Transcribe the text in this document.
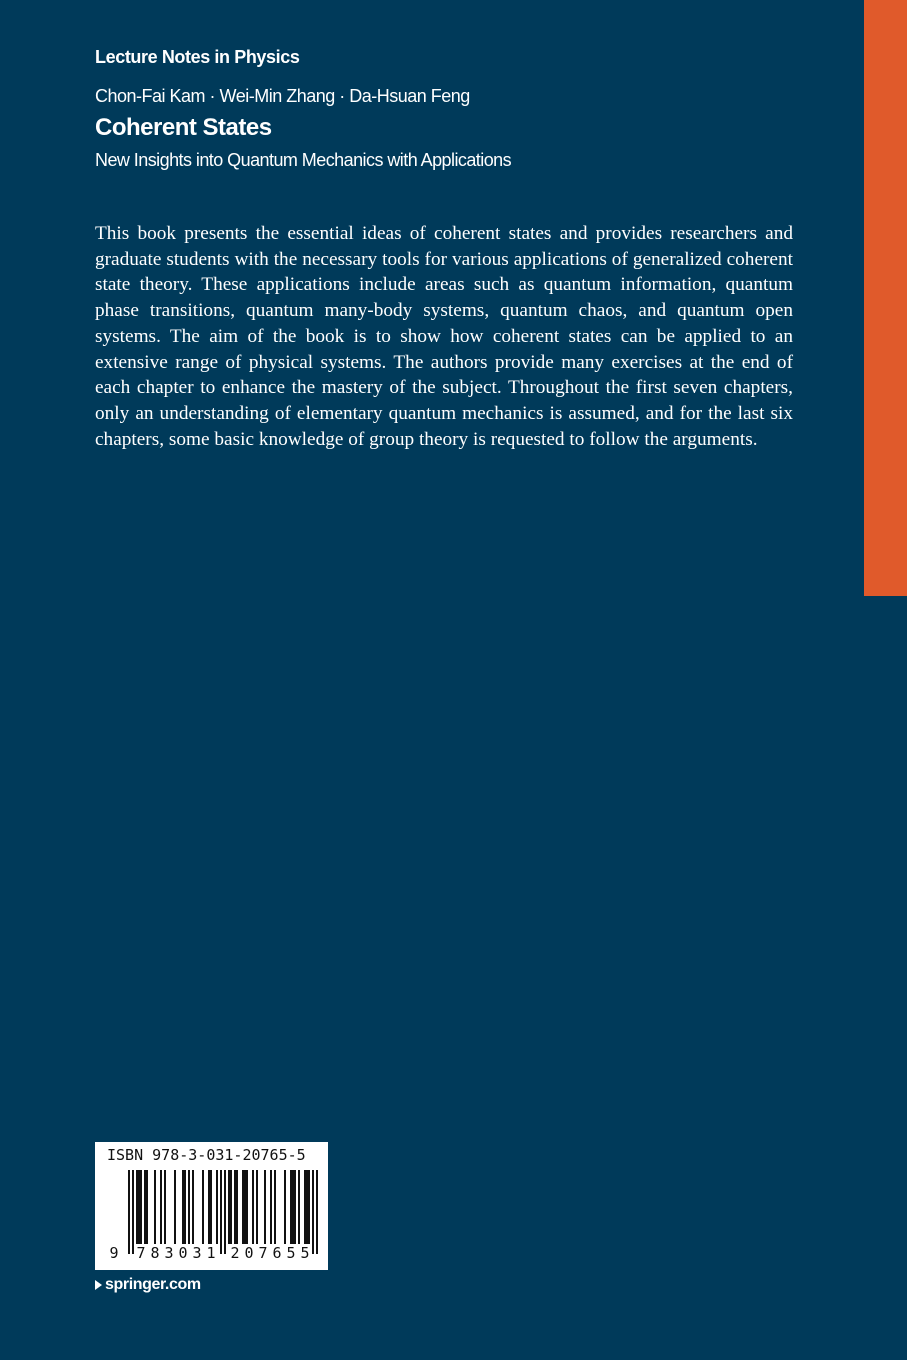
Lecture Notes in Physics
Chon-Fai Kam · Wei-Min Zhang · Da-Hsuan Feng
Coherent States
New Insights into Quantum Mechanics with Applications

This book presents the essential ideas of coherent states and provides researchers and graduate students with the necessary tools for various applications of generalized coherent state theory. These applications include areas such as quantum information, quantum phase transitions, quantum many-body systems, quantum chaos, and quantum open systems. The aim of the book is to show how coherent states can be applied to an extensive range of physical systems. The authors provide many exercises at the end of each chapter to enhance the mastery of the subject. Throughout the first seven chapters, only an understanding of elementary quantum mechanics is assumed, and for the last six chapters, some basic knowledge of group theory is requested to follow the arguments.

ISBN 978-3-031-20765-5
9 7 8 3 0 3 1 2 0 7 6 5 5
springer.com
